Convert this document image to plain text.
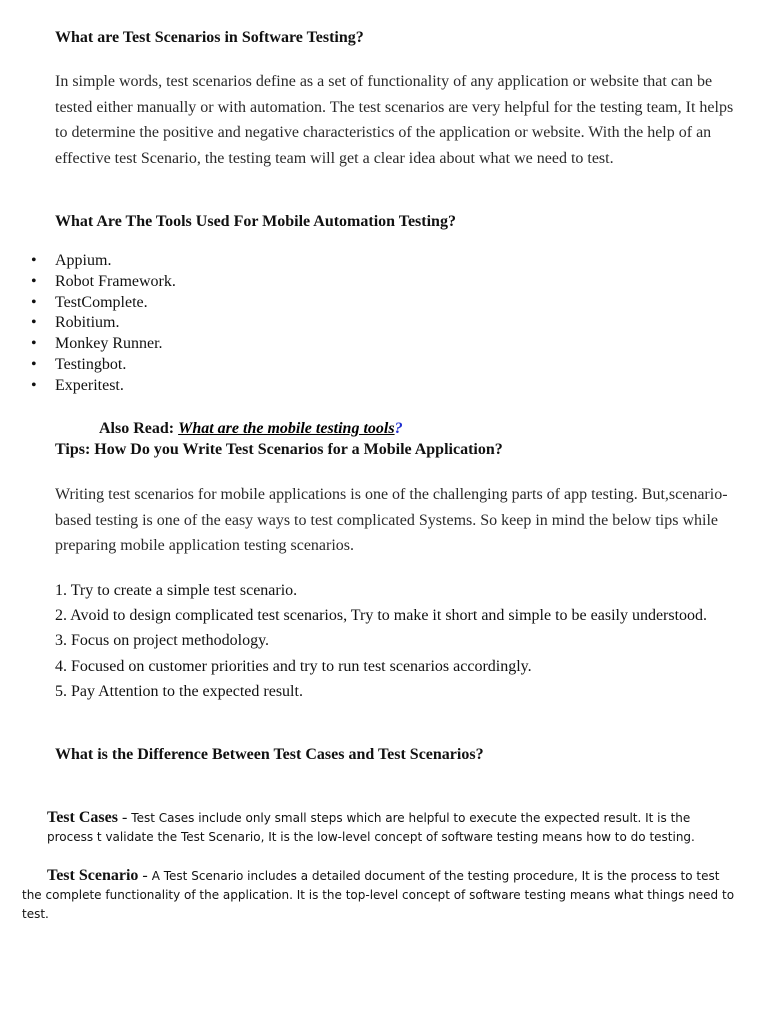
What are Test Scenarios in Software Testing?

In simple words, test scenarios define as a set of functionality of any application or website that can be tested either manually or with automation. The test scenarios are very helpful for the testing team, It helps to determine the positive and negative characteristics of the application or website. With the help of an effective test Scenario, the testing team will get a clear idea about what we need to test.

What Are The Tools Used For Mobile Automation Testing?
• Appium.
• Robot Framework.
• TestComplete.
• Robitium.
• Monkey Runner.
• Testingbot.
• Experitest.
Also Read: What are the mobile testing tools?
Tips: How Do you Write Test Scenarios for a Mobile Application?

Writing test scenarios for mobile applications is one of the challenging parts of app testing. But,scenario-based testing is one of the easy ways to test complicated Systems. So keep in mind the below tips while preparing mobile application testing scenarios.

1. Try to create a simple test scenario.
2. Avoid to design complicated test scenarios, Try to make it short and simple to be easily understood.
3. Focus on project methodology.
4. Focused on customer priorities and try to run test scenarios accordingly.
5. Pay Attention to the expected result.
What is the Difference Between Test Cases and Test Scenarios?

Test Cases - Test Cases include only small steps which are helpful to execute the expected result. It is the process t validate the Test Scenario, It is the low-level concept of software testing means how to do testing.

Test Scenario - A Test Scenario includes a detailed document of the testing procedure, It is the process to test the complete functionality of the application. It is the top-level concept of software testing means what things need to test.
